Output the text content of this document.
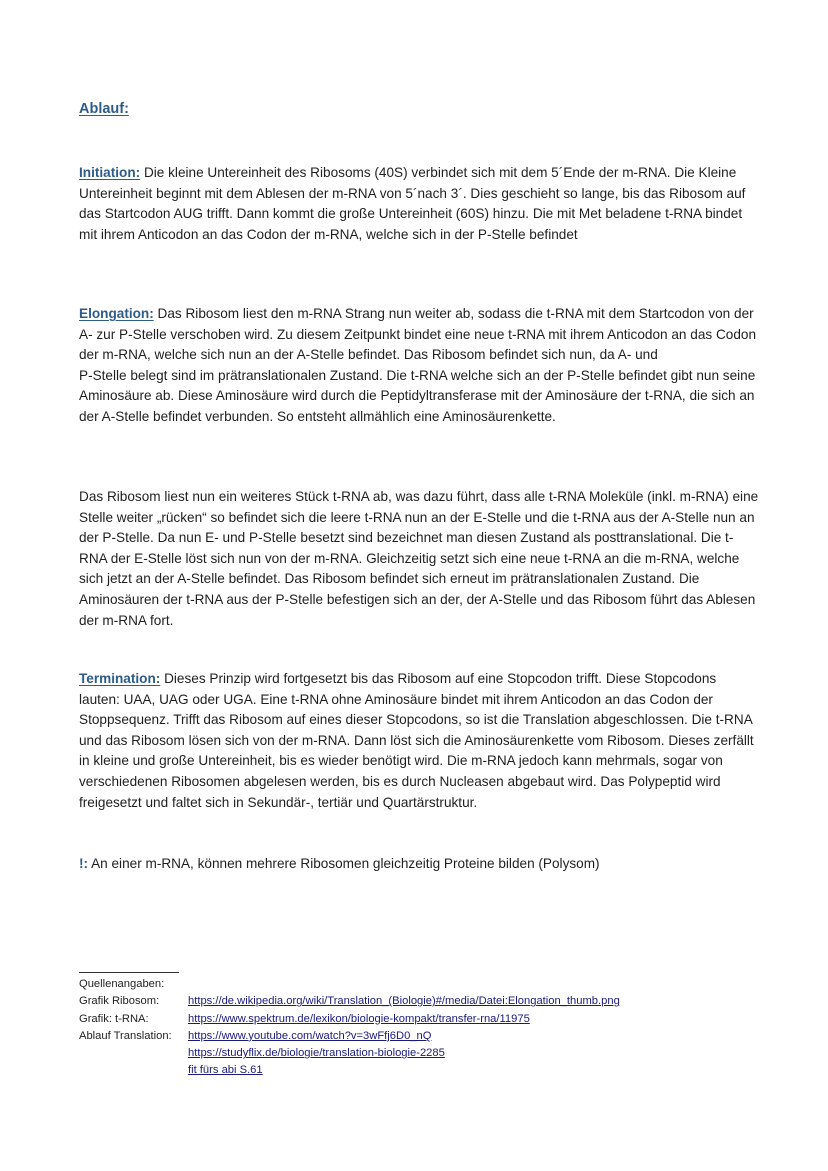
Ablauf:

Initiation: Die kleine Untereinheit des Ribosoms (40S) verbindet sich mit dem 5´Ende der m-RNA. Die Kleine Untereinheit beginnt mit dem Ablesen der m-RNA von 5´nach 3´. Dies geschieht so lange, bis das Ribosom auf das Startcodon AUG trifft. Dann kommt die große Untereinheit (60S) hinzu. Die mit Met beladene t-RNA bindet mit ihrem Anticodon an das Codon der m-RNA, welche sich in der P-Stelle befindet

Elongation: Das Ribosom liest den m-RNA Strang nun weiter ab, sodass die t-RNA mit dem Startcodon von der A- zur P-Stelle verschoben wird. Zu diesem Zeitpunkt bindet eine neue t-RNA mit ihrem Anticodon an das Codon der m-RNA, welche sich nun an der A-Stelle befindet. Das Ribosom befindet sich nun, da A- und
P-Stelle belegt sind im prätranslationalen Zustand. Die t-RNA welche sich an der P-Stelle befindet gibt nun seine Aminosäure ab. Diese Aminosäure wird durch die Peptidyltransferase mit der Aminosäure der t-RNA, die sich an der A-Stelle befindet verbunden. So entsteht allmählich eine Aminosäurenkette.

Das Ribosom liest nun ein weiteres Stück t-RNA ab, was dazu führt, dass alle t-RNA Moleküle (inkl. m-RNA) eine Stelle weiter „rücken“ so befindet sich die leere t-RNA nun an der E-Stelle und die t-RNA aus der A-Stelle nun an der P-Stelle. Da nun E- und P-Stelle besetzt sind bezeichnet man diesen Zustand als posttranslational. Die t-RNA der E-Stelle löst sich nun von der m-RNA. Gleichzeitig setzt sich eine neue t-RNA an die m-RNA, welche sich jetzt an der A-Stelle befindet. Das Ribosom befindet sich erneut im prätranslationalen Zustand. Die Aminosäuren der t-RNA aus der P-Stelle befestigen sich an der, der A-Stelle und das Ribosom führt das Ablesen der m-RNA fort.

Termination: Dieses Prinzip wird fortgesetzt bis das Ribosom auf eine Stopcodon trifft. Diese Stopcodons lauten: UAA, UAG oder UGA. Eine t-RNA ohne Aminosäure bindet mit ihrem Anticodon an das Codon der Stoppsequenz. Trifft das Ribosom auf eines dieser Stopcodons, so ist die Translation abgeschlossen. Die t-RNA und das Ribosom lösen sich von der m-RNA. Dann löst sich die Aminosäurenkette vom Ribosom. Dieses zerfällt in kleine und große Untereinheit, bis es wieder benötigt wird. Die m-RNA jedoch kann mehrmals, sogar von verschiedenen Ribosomen abgelesen werden, bis es durch Nucleasen abgebaut wird. Das Polypeptid wird freigesetzt und faltet sich in Sekundär-, tertiär und Quartärstruktur.

!: An einer m-RNA, können mehrere Ribosomen gleichzeitig Proteine bilden (Polysom)

Quellenangaben:
Grafik Ribosom:	https://de.wikipedia.org/wiki/Translation_(Biologie)#/media/Datei:Elongation_thumb.png
Grafik: t-RNA:	https://www.spektrum.de/lexikon/biologie-kompakt/transfer-rna/11975
Ablauf Translation:	https://www.youtube.com/watch?v=3wFfj6D0_nQ
https://studyflix.de/biologie/translation-biologie-2285
fit fürs abi S.61
